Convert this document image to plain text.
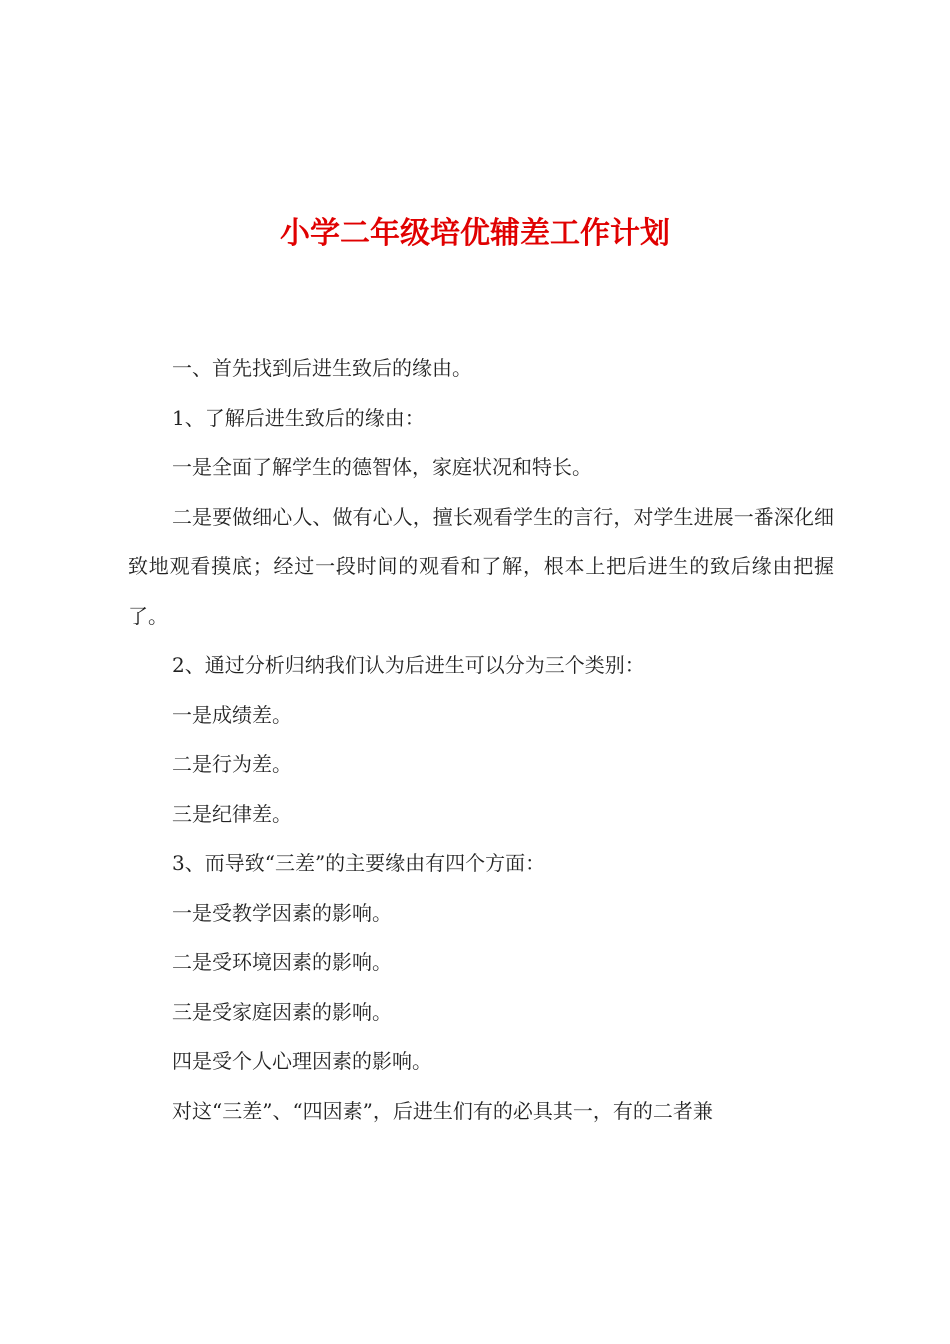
小学二年级培优辅差工作计划

一、首先找到后进生致后的缘由。

1、了解后进生致后的缘由：

一是全面了解学生的德智体，家庭状况和特长。

二是要做细心人、做有心人，擅长观看学生的言行，对学生进展一番深化细致地观看摸底；经过一段时间的观看和了解，根本上把后进生的致后缘由把握了。

2、通过分析归纳我们认为后进生可以分为三个类别：

一是成绩差。

二是行为差。

三是纪律差。

3、而导致“三差”的主要缘由有四个方面：

一是受教学因素的影响。

二是受环境因素的影响。

三是受家庭因素的影响。

四是受个人心理因素的影响。

对这“三差”、“四因素”，后进生们有的必具其一，有的二者兼
